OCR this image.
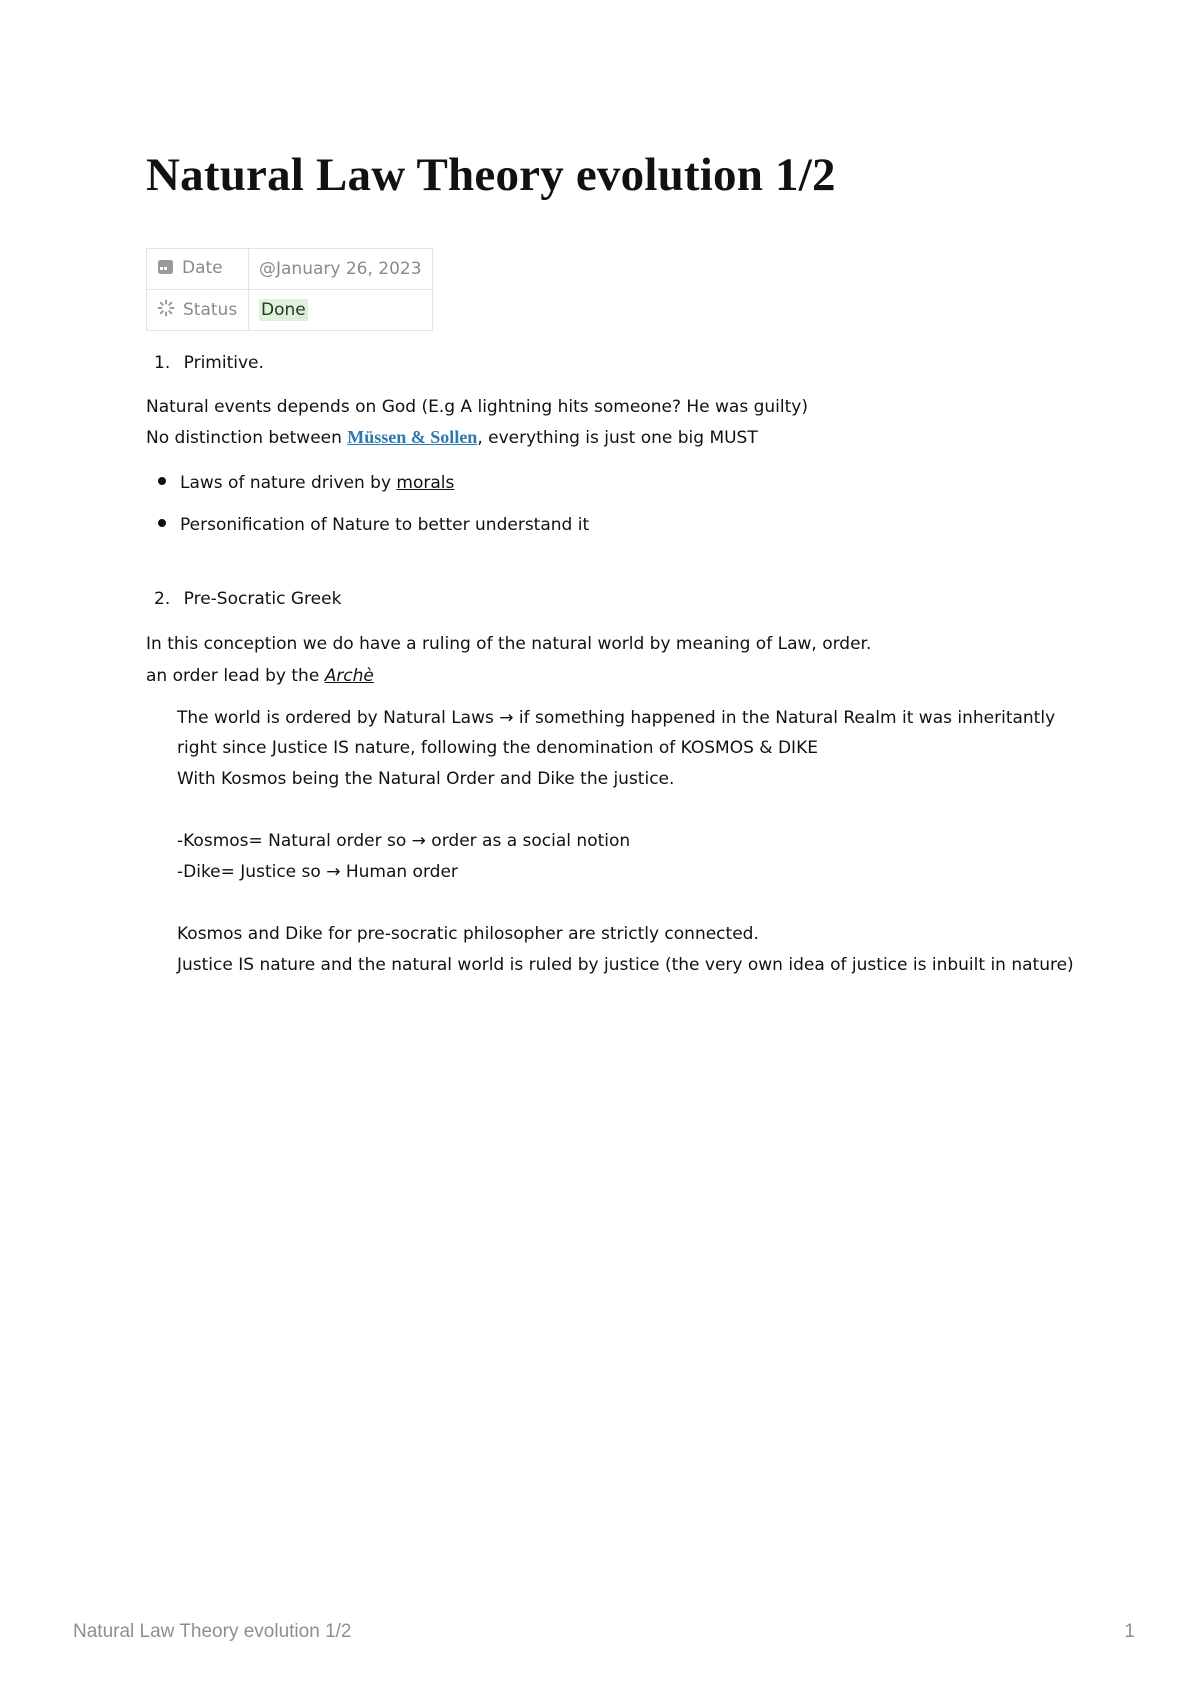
Natural Law Theory evolution 1/2
Date	@January 26, 2023
Status	Done
1. Primitive.
Natural events depends on God (E.g A lightning hits someone? He was guilty)
No distinction between Müssen & Sollen, everything is just one big MUST
Laws of nature driven by morals
Personification of Nature to better understand it
2. Pre-Socratic Greek
In this conception we do have a ruling of the natural world by meaning of Law, order.
an order lead by the Archè
The world is ordered by Natural Laws → if something happened in the Natural Realm it was inheritantly
right since Justice IS nature, following the denomination of KOSMOS & DIKE
With Kosmos being the Natural Order and Dike the justice.
-Kosmos= Natural order so → order as a social notion
-Dike= Justice so → Human order
Kosmos and Dike for pre-socratic philosopher are strictly connected.
Justice IS nature and the natural world is ruled by justice (the very own idea of justice is inbuilt in nature)
Natural Law Theory evolution 1/2	1
